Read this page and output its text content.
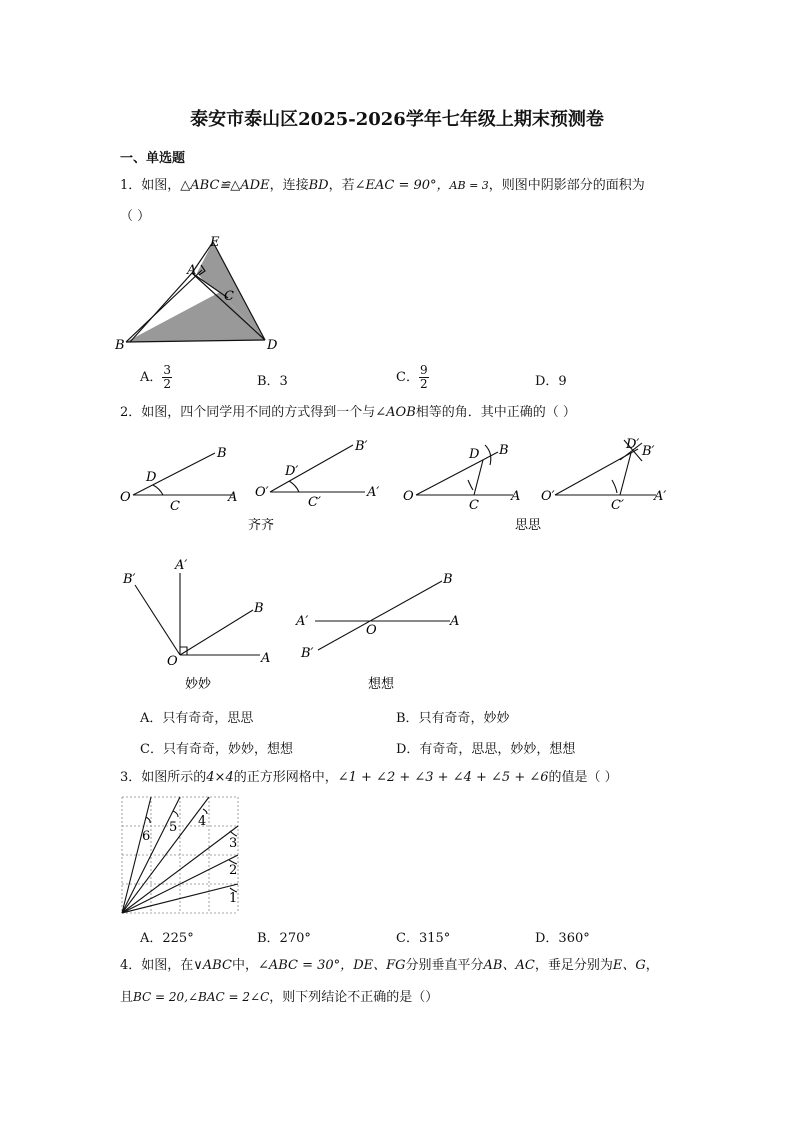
泰安市泰山区2025-2026学年七年级上期末预测卷
一、单选题
1．如图，△ABC≌△ADE，连接BD，若∠EAC = 90°，AB = 3，则图中阴影部分的面积为
（ ）
E
A
C
B	D
A． $\frac{3}{2}$	B．3	C． $\frac{9}{2}$	D．9
2．如图，四个同学用不同的方式得到一个与∠AOB相等的角．其中正确的（ ）
O	A
B
C
D
O′	A′
B′
C′
D′
齐齐
O	A
B
C
D
O′	A′
B′
C′
D′
思思
O	A
B
A′
B′
妙妙
A′	A
B
B′
O
想想
A．只有奇奇，思思	B．只有奇奇，妙妙
C．只有奇奇，妙妙，想想	D．有奇奇，思思，妙妙，想想
3．如图所示的4×4的正方形网格中，∠1 + ∠2 + ∠3 + ∠4 + ∠5 + ∠6的值是（ ）
1
2
3
4
5
6
A．225°	B．270°	C．315°	D．360°
4．如图，在∨ABC中，∠ABC = 30°，DE、FG分别垂直平分AB、AC，垂足分别为E、G，
且BC = 20,∠BAC = 2∠C，则下列结论不正确的是（）
